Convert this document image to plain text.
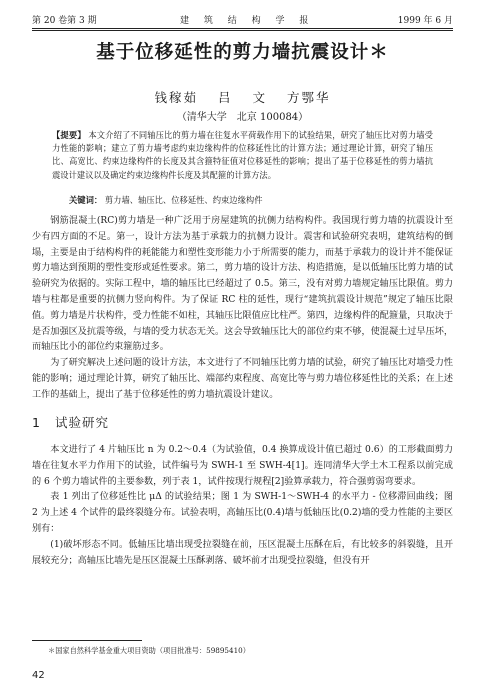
第 20 卷第 3 期	建 筑 结 构 学 报	1999 年 6 月
基于位移延性的剪力墙抗震设计＊
钱稼茹 吕 文 方鄂华
（清华大学　北京 100084）
【提要】 本文介绍了不同轴压比的剪力墙在往复水平荷载作用下的试验结果，研究了轴压比对剪力墙受力性能的影响；建立了剪力墙考虑约束边缘构件的位移延性比的计算方法；通过理论计算，研究了轴压比、高宽比、约束边缘构件的长度及其含箍特征值对位移延性的影响；提出了基于位移延性的剪力墙抗震设计建议以及确定约束边缘构件长度及其配箍的计算方法。
关键词： 剪力墙、轴压比、位移延性、约束边缘构件

钢筋混凝土(RC)剪力墙是一种广泛用于房屋建筑的抗侧力结构构件。我国现行剪力墙的抗震设计至少有四方面的不足。第一，设计方法为基于承载力的抗侧力设计。震害和试验研究表明，建筑结构的倒塌，主要是由于结构构件的耗能能力和塑性变形能力小于所需要的能力，而基于承载力的设计并不能保证剪力墙达到预期的塑性变形或延性要求。第二，剪力墙的设计方法、构造措施，是以低轴压比剪力墙的试验研究为依据的。实际工程中，墙的轴压比已经超过了 0.5。第三，没有对剪力墙规定轴压比限值。剪力墙与柱都是重要的抗侧力竖向构件。为了保证 RC 柱的延性，现行“建筑抗震设计规范”规定了轴压比限值。剪力墙是片状构件，受力性能不如柱，其轴压比限值应比柱严。第四，边缘构件的配箍量，只取决于是否加强区及抗震等级，与墙的受力状态无关。这会导致轴压比大的部位约束不够，使混凝土过早压坏，而轴压比小的部位约束箍筋过多。

为了研究解决上述问题的设计方法，本文进行了不同轴压比剪力墙的试验，研究了轴压比对墙受力性能的影响；通过理论计算，研究了轴压比、端部约束程度、高宽比等与剪力墙位移延性比的关系；在上述工作的基础上，提出了基于位移延性的剪力墙抗震设计建议。

1 试验研究

本文进行了 4 片轴压比 n 为 0.2～0.4（为试验值，0.4 换算成设计值已超过 0.6）的工形截面剪力墙在往复水平力作用下的试验，试件编号为 SWH-1 至 SWH-4[1]。连同清华大学土木工程系以前完成的 6 个剪力墙试件的主要参数，列于表 1，试件按现行规程[2]验算承载力，符合强剪弱弯要求。

表 1 列出了位移延性比 μΔ 的试验结果；图 1 为 SWH-1～SWH-4 的水平力 - 位移滞回曲线；图 2 为上述 4 个试件的最终裂缝分布。试验表明，高轴压比(0.4)墙与低轴压比(0.2)墙的受力性能的主要区别有：

(1)破坏形态不同。低轴压比墙出现受拉裂缝在前，压区混凝土压酥在后，有比较多的斜裂缝，且开展较充分；高轴压比墙先是压区混凝土压酥剥落、破坏前才出现受拉裂缝，但没有开

＊国家自然科学基金重大项目资助（项目批准号：59895410）
42
